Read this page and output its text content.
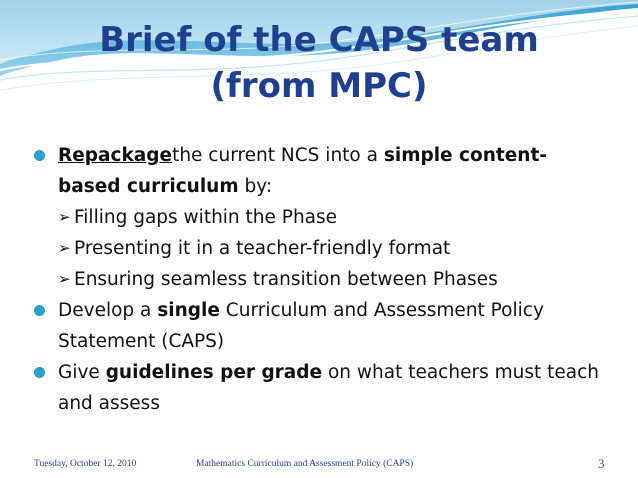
Brief of the CAPS team
(from MPC)
Repackagethe current NCS into a simple content-based curriculum by:
➢ Filling gaps within the Phase
➢ Presenting it in a teacher-friendly format
➢ Ensuring seamless transition between Phases
Develop a single Curriculum and Assessment Policy Statement (CAPS)
Give guidelines per grade on what teachers must teach and assess
Tuesday, October 12, 2010	Mathematics Curriculum and Assessment Policy (CAPS)	3
